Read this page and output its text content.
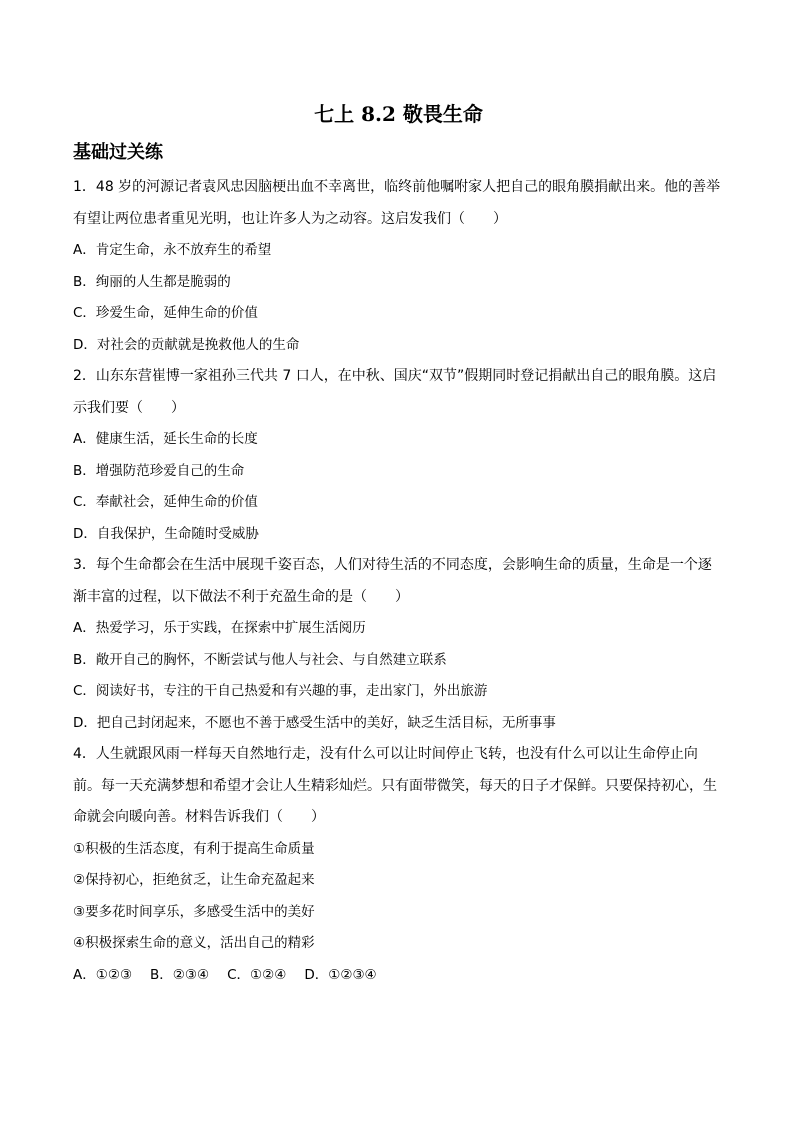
七上 8.2 敬畏生命
基础过关练

1．48 岁的河源记者袁风忠因脑梗出血不幸离世，临终前他嘱咐家人把自己的眼角膜捐献出来。他的善举有望让两位患者重见光明，也让许多人为之动容。这启发我们（　　）

A．肯定生命，永不放弃生的希望

B．绚丽的人生都是脆弱的

C．珍爱生命，延伸生命的价值

D．对社会的贡献就是挽救他人的生命

2．山东东营崔博一家祖孙三代共 7 口人，在中秋、国庆“双节”假期同时登记捐献出自己的眼角膜。这启示我们要（　　）

A．健康生活，延长生命的长度

B．增强防范珍爱自己的生命

C．奉献社会，延伸生命的价值

D．自我保护，生命随时受威胁

3．每个生命都会在生活中展现千姿百态，人们对待生活的不同态度，会影响生命的质量，生命是一个逐渐丰富的过程，以下做法不利于充盈生命的是（　　）

A．热爱学习，乐于实践，在探索中扩展生活阅历

B．敞开自己的胸怀，不断尝试与他人与社会、与自然建立联系

C．阅读好书，专注的干自己热爱和有兴趣的事，走出家门，外出旅游

D．把自己封闭起来，不愿也不善于感受生活中的美好，缺乏生活目标，无所事事

4．人生就跟风雨一样每天自然地行走，没有什么可以让时间停止飞转，也没有什么可以让生命停止向前。每一天充满梦想和希望才会让人生精彩灿烂。只有面带微笑，每天的日子才保鲜。只要保持初心，生命就会向暖向善。材料告诉我们（　　）

①积极的生活态度，有利于提高生命质量

②保持初心，拒绝贫乏，让生命充盈起来

③要多花时间享乐，多感受生活中的美好

④积极探索生命的意义，活出自己的精彩

A．①②③ B．②③④ C．①②④ D．①②③④
